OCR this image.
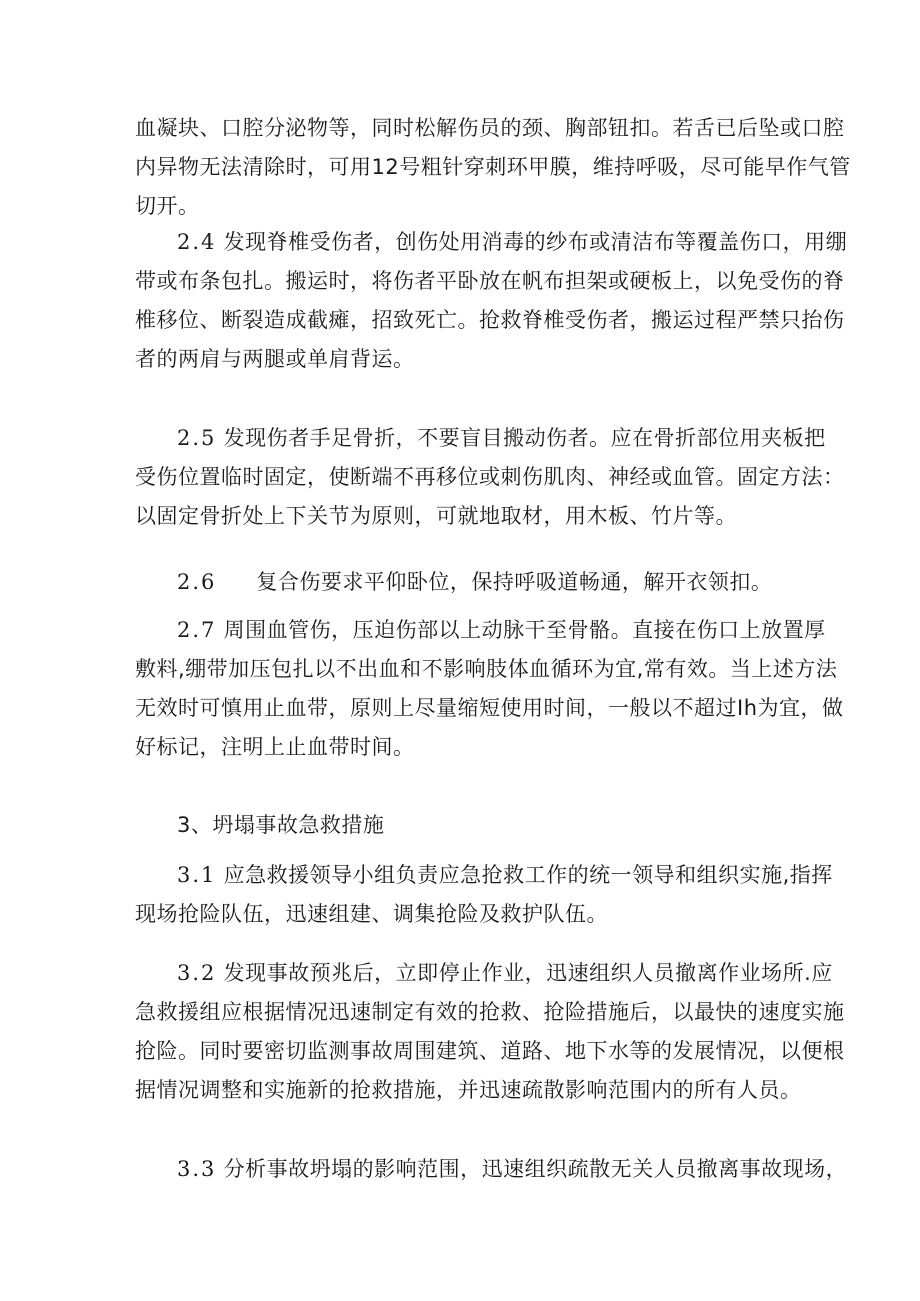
血凝块、口腔分泌物等，同时松解伤员的颈、胸部钮扣。若舌已后坠或口腔
内异物无法清除时，可用12号粗针穿刺环甲膜，维持呼吸，尽可能早作气管
切开。

2.4 发现脊椎受伤者，创伤处用消毒的纱布或清洁布等覆盖伤口，用绷
带或布条包扎。搬运时，将伤者平卧放在帆布担架或硬板上，以免受伤的脊
椎移位、断裂造成截瘫，招致死亡。抢救脊椎受伤者，搬运过程严禁只抬伤
者的两肩与两腿或单肩背运。

2.5 发现伤者手足骨折，不要盲目搬动伤者。应在骨折部位用夹板把
受伤位置临时固定，使断端不再移位或刺伤肌肉、神经或血管。固定方法：
以固定骨折处上下关节为原则，可就地取材，用木板、竹片等。

2.6 复合伤要求平仰卧位，保持呼吸道畅通，解开衣领扣。

2.7 周围血管伤，压迫伤部以上动脉干至骨骼。直接在伤口上放置厚
敷料,绷带加压包扎以不出血和不影响肢体血循环为宜,常有效。当上述方法
无效时可慎用止血带，原则上尽量缩短使用时间，一般以不超过Ih为宜，做
好标记，注明上止血带时间。

3、坍塌事故急救措施

3.1 应急救援领导小组负责应急抢救工作的统一领导和组织实施,指挥
现场抢险队伍，迅速组建、调集抢险及救护队伍。

3.2 发现事故预兆后，立即停止作业，迅速组织人员撤离作业场所.应
急救援组应根据情况迅速制定有效的抢救、抢险措施后，以最快的速度实施
抢险。同时要密切监测事故周围建筑、道路、地下水等的发展情况，以便根
据情况调整和实施新的抢救措施，并迅速疏散影响范围内的所有人员。

3.3 分析事故坍塌的影响范围，迅速组织疏散无关人员撤离事故现场，
